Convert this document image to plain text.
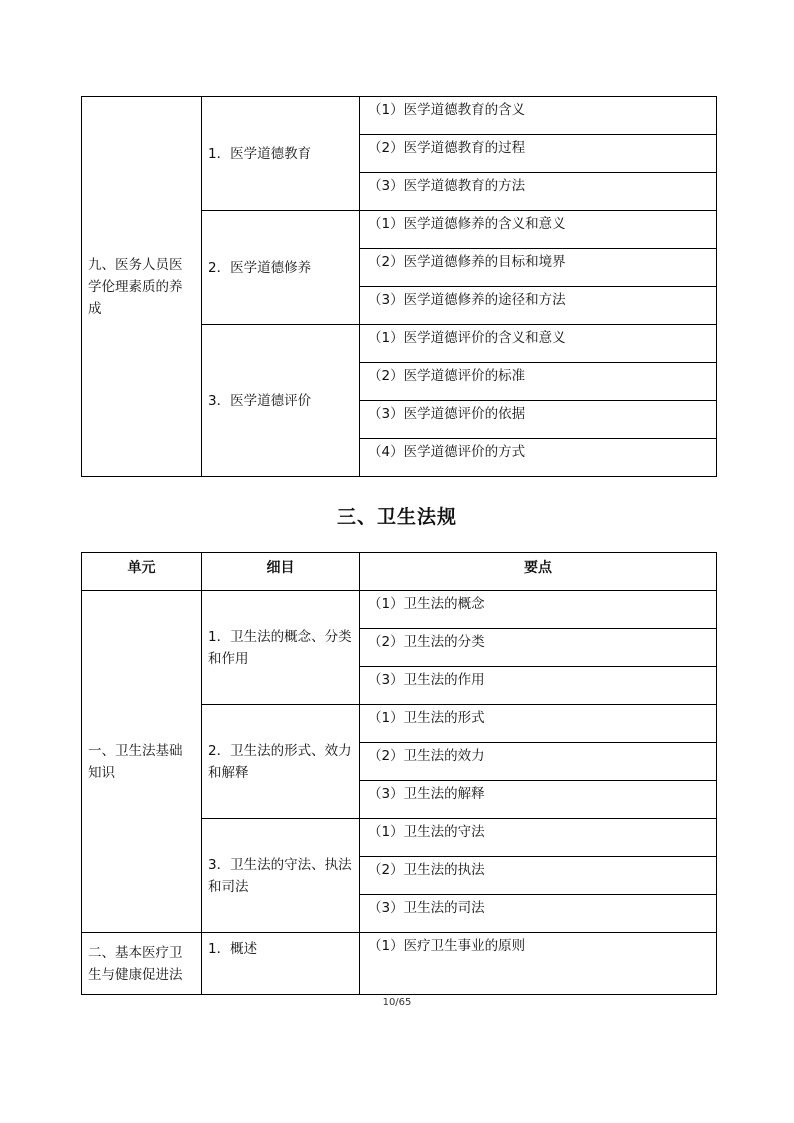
九、医务人员医学伦理素质的养成	1．医学道德教育	（1）医学道德教育的含义
		（2）医学道德教育的过程
		（3）医学道德教育的方法
	2．医学道德修养	（1）医学道德修养的含义和意义
		（2）医学道德修养的目标和境界
		（3）医学道德修养的途径和方法
	3．医学道德评价	（1）医学道德评价的含义和意义
		（2）医学道德评价的标准
		（3）医学道德评价的依据
		（4）医学道德评价的方式
三、卫生法规
单元	细目	要点
一、卫生法基础知识	1．卫生法的概念、分类和作用	（1）卫生法的概念
		（2）卫生法的分类
		（3）卫生法的作用
	2．卫生法的形式、效力和解释	（1）卫生法的形式
		（2）卫生法的效力
		（3）卫生法的解释
	3．卫生法的守法、执法和司法	（1）卫生法的守法
		（2）卫生法的执法
		（3）卫生法的司法
二、基本医疗卫生与健康促进法	1．概述	（1）医疗卫生事业的原则
10/65
